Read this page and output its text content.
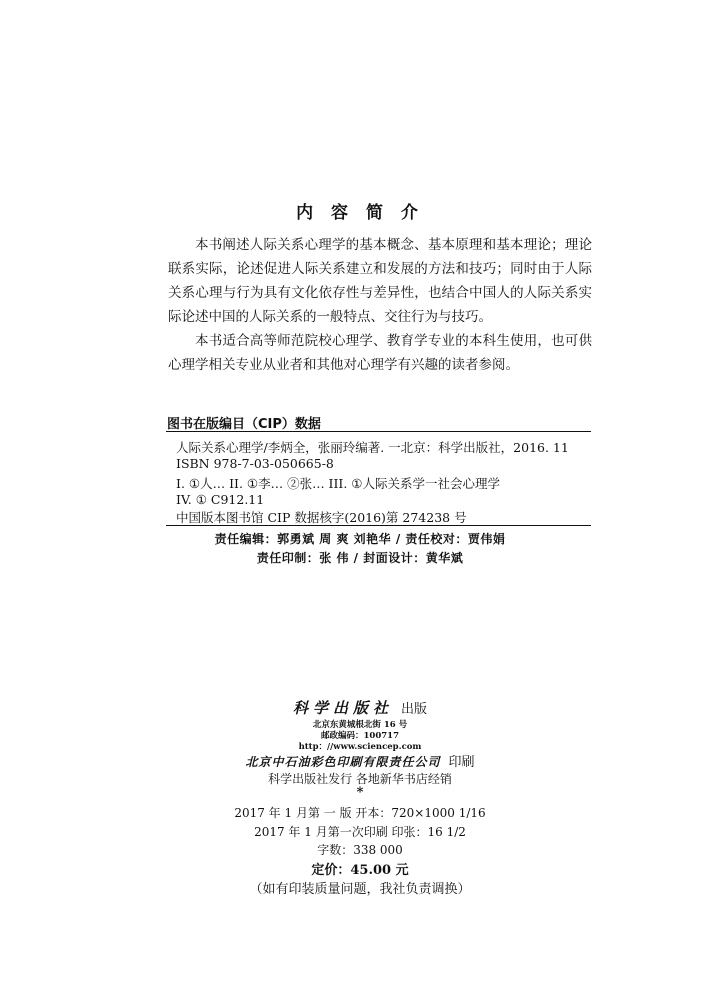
内 容 简 介

本书阐述人际关系心理学的基本概念、基本原理和基本理论；理论联系实际，论述促进人际关系建立和发展的方法和技巧；同时由于人际关系心理与行为具有文化依存性与差异性，也结合中国人的人际关系实际论述中国的人际关系的一般特点、交往行为与技巧。

本书适合高等师范院校心理学、教育学专业的本科生使用，也可供心理学相关专业从业者和其他对心理学有兴趣的读者参阅。

图书在版编目（CIP）数据
人际关系心理学/李炳全，张丽玲编著. 一北京：科学出版社，2016. 11
ISBN 978-7-03-050665-8
I. ①人… II. ①李… ②张… III. ①人际关系学一社会心理学
IV. ① C912.11
中国版本图书馆 CIP 数据核字(2016)第 274238 号
责任编辑：郭勇斌 周 爽 刘艳华 / 责任校对：贾伟娟
责任印制：张 伟 / 封面设计：黄华斌
科学出版社 出版
北京东黄城根北街 16 号
邮政编码：100717
http：//www.sciencep.com
北京中石油彩色印刷有限责任公司 印刷
科学出版社发行 各地新华书店经销
*
2017 年 1 月第 一 版 开本：720×1000 1/16
2017 年 1 月第一次印刷 印张：16 1/2
字数：338 000
定价：45.00 元
（如有印装质量问题，我社负责调换）
